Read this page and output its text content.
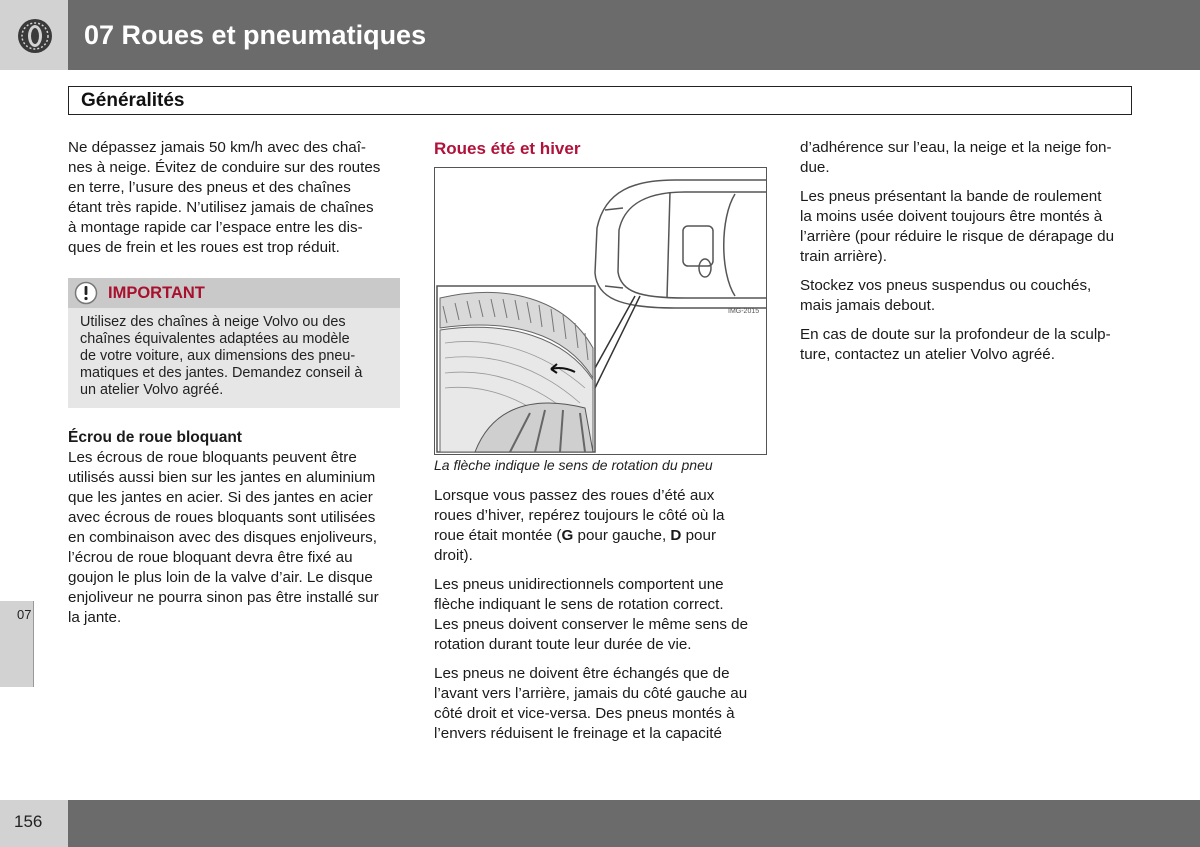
07 Roues et pneumatiques
Généralités
Ne dépassez jamais 50 km/h avec des chaî-
nes à neige. Évitez de conduire sur des routes
en terre, l’usure des pneus et des chaînes
étant très rapide. N’utilisez jamais de chaînes
à montage rapide car l’espace entre les dis-
ques de frein et les roues est trop réduit.
IMPORTANT
Utilisez des chaînes à neige Volvo ou des
chaînes équivalentes adaptées au modèle
de votre voiture, aux dimensions des pneu-
matiques et des jantes. Demandez conseil à
un atelier Volvo agréé.
Écrou de roue bloquant
Les écrous de roue bloquants peuvent être
utilisés aussi bien sur les jantes en aluminium
que les jantes en acier. Si des jantes en acier
avec écrous de roues bloquants sont utilisées
en combinaison avec des disques enjoliveurs,
l’écrou de roue bloquant devra être fixé au
goujon le plus loin de la valve d’air. Le disque
enjoliveur ne pourra sinon pas être installé sur
la jante.
Roues été et hiver
IMG-2015
La flèche indique le sens de rotation du pneu

Lorsque vous passez des roues d’été aux
roues d’hiver, repérez toujours le côté où la
roue était montée (G pour gauche, D pour
droit).

Les pneus unidirectionnels comportent une
flèche indiquant le sens de rotation correct.
Les pneus doivent conserver le même sens de
rotation durant toute leur durée de vie.

Les pneus ne doivent être échangés que de
l’avant vers l’arrière, jamais du côté gauche au
côté droit et vice-versa. Des pneus montés à
l’envers réduisent le freinage et la capacité

d’adhérence sur l’eau, la neige et la neige fon-
due.

Les pneus présentant la bande de roulement
la moins usée doivent toujours être montés à
l’arrière (pour réduire le risque de dérapage du
train arrière).

Stockez vos pneus suspendus ou couchés,
mais jamais debout.

En cas de doute sur la profondeur de la sculp-
ture, contactez un atelier Volvo agréé.

07
156
